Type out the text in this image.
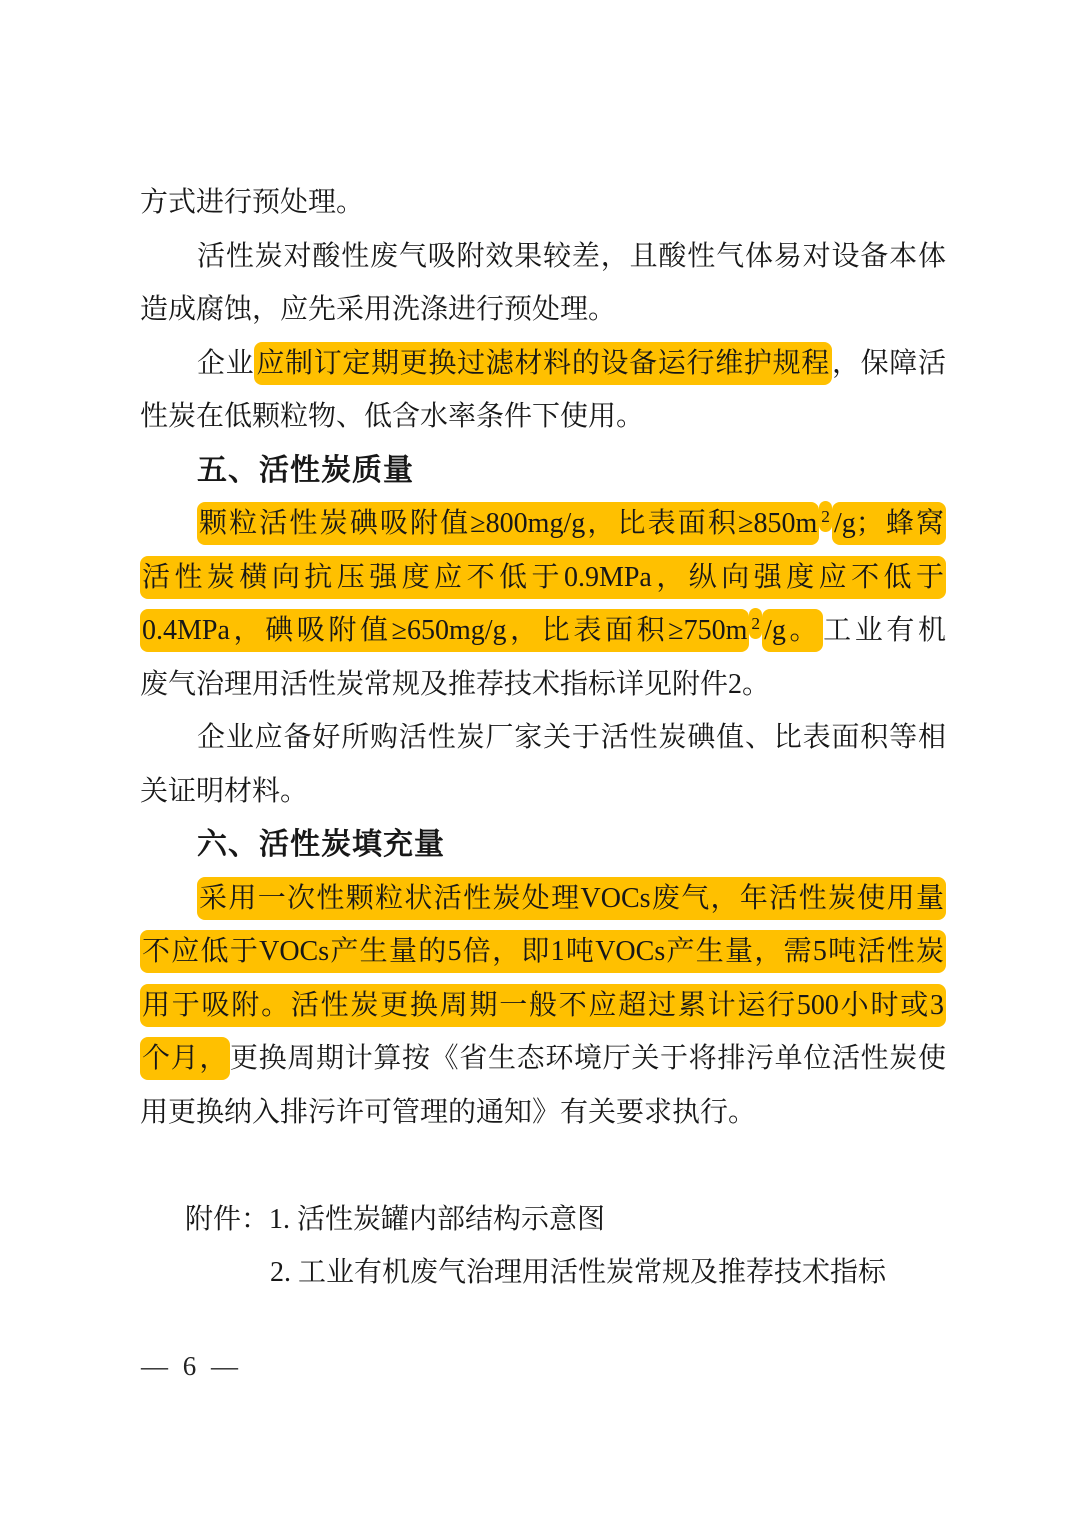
方式进行预处理。
活性炭对酸性废气吸附效果较差，且酸性气体易对设备本体
造成腐蚀，应先采用洗涤进行预处理。
企业应制订定期更换过滤材料的设备运行维护规程，保障活
性炭在低颗粒物、低含水率条件下使用。
五、活性炭质量
颗粒活性炭碘吸附值≥800mg/g，比表面积≥850m $^2$ /g；蜂窝
活性炭横向抗压强度应不低于0.9MPa，纵向强度应不低于
0.4MPa，碘吸附值≥650mg/g，比表面积≥750m $^2$ /g。工业有机
废气治理用活性炭常规及推荐技术指标详见附件2。
企业应备好所购活性炭厂家关于活性炭碘值、比表面积等相
关证明材料。
六、活性炭填充量
采用一次性颗粒状活性炭处理VOCs废气，年活性炭使用量
不应低于VOCs产生量的5倍，即1吨VOCs产生量，需5吨活性炭
用于吸附。活性炭更换周期一般不应超过累计运行500小时或3
个月，更换周期计算按《省生态环境厅关于将排污单位活性炭使
用更换纳入排污许可管理的通知》有关要求执行。
附件：1. 活性炭罐内部结构示意图
2. 工业有机废气治理用活性炭常规及推荐技术指标
— 6 —
